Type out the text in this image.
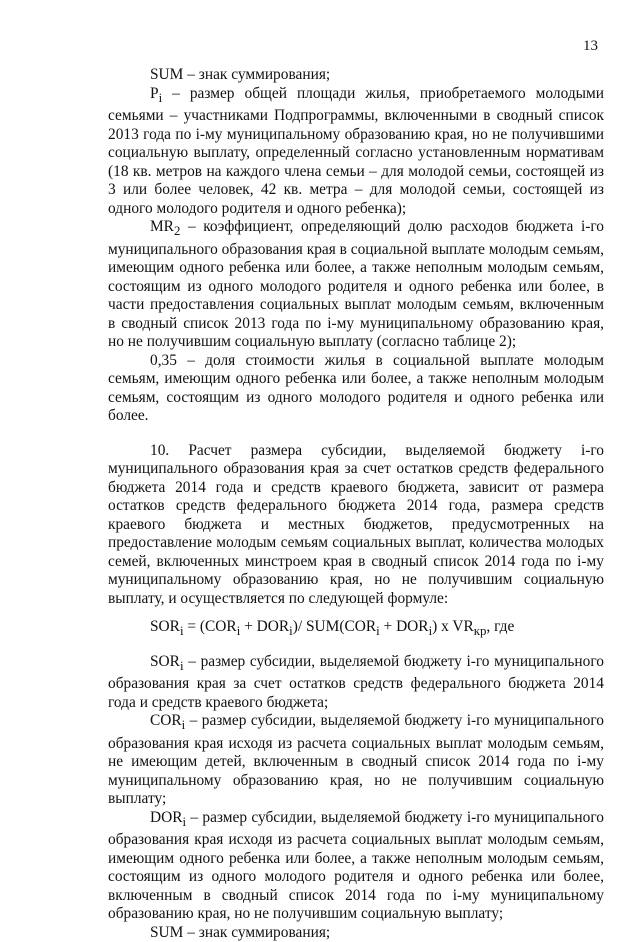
13

SUM – знак суммирования;

$P_i$ – размер общей площади жилья, приобретаемого молодыми семьями – участниками Подпрограммы, включенными в сводный список 2013 года по i-му муниципальному образованию края, но не получившими социальную выплату, определенный согласно установленным нормативам (18 кв. метров на каждого члена семьи – для молодой семьи, состоящей из 3 или более человек, 42 кв. метра – для молодой семьи, состоящей из одного молодого родителя и одного ребенка);

$MR_2$ – коэффициент, определяющий долю расходов бюджета i-го муниципального образования края в социальной выплате молодым семьям, имеющим одного ребенка или более, а также неполным молодым семьям, состоящим из одного молодого родителя и одного ребенка или более, в части предоставления социальных выплат молодым семьям, включенным в сводный список 2013 года по i-му муниципальному образованию края, но не получившим социальную выплату (согласно таблице 2);

0,35 – доля стоимости жилья в социальной выплате молодым семьям, имеющим одного ребенка или более, а также неполным молодым семьям, состоящим из одного молодого родителя и одного ребенка или более.

10. Расчет размера субсидии, выделяемой бюджету i-го муниципального образования края за счет остатков средств федерального бюджета 2014 года и средств краевого бюджета, зависит от размера остатков средств федерального бюджета 2014 года, размера средств краевого бюджета и местных бюджетов, предусмотренных на предоставление молодым семьям социальных выплат, количества молодых семей, включенных минстроем края в сводный список 2014 года по i-му муниципальному образованию края, но не получившим социальную выплату, и осуществляется по следующей формуле:

$SOR_i = (COR_i + DOR_i)/$ $SUM(COR_i + DOR_i)$ x $VR_{кр}$, где

$SOR_i$ – размер субсидии, выделяемой бюджету i-го муниципального образования края за счет остатков средств федерального бюджета 2014 года и средств краевого бюджета;

$COR_i$ – размер субсидии, выделяемой бюджету i-го муниципального образования края исходя из расчета социальных выплат молодым семьям, не имеющим детей, включенным в сводный список 2014 года по i-му муниципальному образованию края, но не получившим социальную выплату;

$DOR_i$ – размер субсидии, выделяемой бюджету i-го муниципального образования края исходя из расчета социальных выплат молодым семьям, имеющим одного ребенка или более, а также неполным молодым семьям, состоящим из одного молодого родителя и одного ребенка или более, включенным в сводный список 2014 года по i-му муниципальному образованию края, но не получившим социальную выплату;

SUM – знак суммирования;
